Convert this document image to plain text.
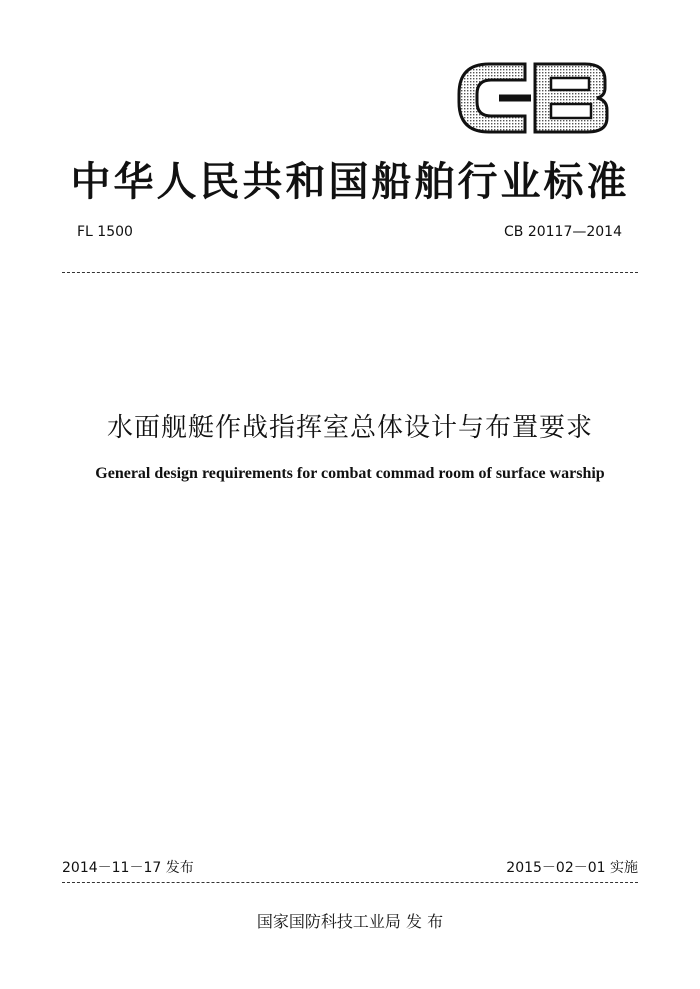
中华人民共和国船舶行业标准
FL 1500	CB 20117—2014
水面舰艇作战指挥室总体设计与布置要求
General design requirements for combat commad room of surface warship
2014－11－17 发布	2015－02－01 实施
国家国防科技工业局 发 布
